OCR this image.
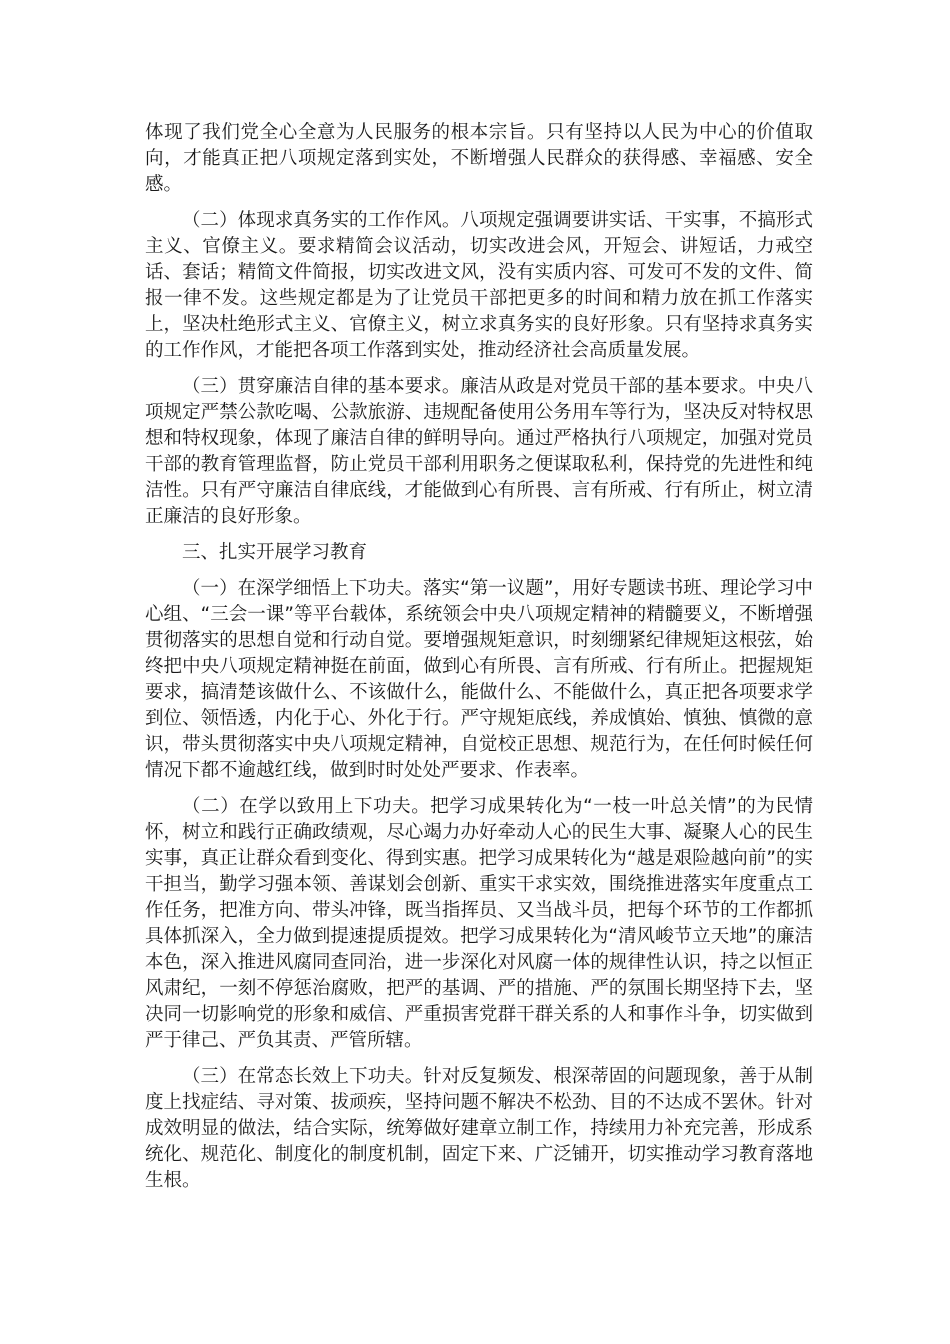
体现了我们党全心全意为人民服务的根本宗旨。只有坚持以人民为中心的价值取向，才能真正把八项规定落到实处，不断增强人民群众的获得感、幸福感、安全感。

（二）体现求真务实的工作作风。八项规定强调要讲实话、干实事，不搞形式主义、官僚主义。要求精简会议活动，切实改进会风，开短会、讲短话，力戒空话、套话；精简文件简报，切实改进文风，没有实质内容、可发可不发的文件、简报一律不发。这些规定都是为了让党员干部把更多的时间和精力放在抓工作落实上，坚决杜绝形式主义、官僚主义，树立求真务实的良好形象。只有坚持求真务实的工作作风，才能把各项工作落到实处，推动经济社会高质量发展。

（三）贯穿廉洁自律的基本要求。廉洁从政是对党员干部的基本要求。中央八项规定严禁公款吃喝、公款旅游、违规配备使用公务用车等行为，坚决反对特权思想和特权现象，体现了廉洁自律的鲜明导向。通过严格执行八项规定，加强对党员干部的教育管理监督，防止党员干部利用职务之便谋取私利，保持党的先进性和纯洁性。只有严守廉洁自律底线，才能做到心有所畏、言有所戒、行有所止，树立清正廉洁的良好形象。

三、扎实开展学习教育

（一）在深学细悟上下功夫。落实“第一议题”，用好专题读书班、理论学习中心组、“三会一课”等平台载体，系统领会中央八项规定精神的精髓要义，不断增强贯彻落实的思想自觉和行动自觉。要增强规矩意识，时刻绷紧纪律规矩这根弦，始终把中央八项规定精神挺在前面，做到心有所畏、言有所戒、行有所止。把握规矩要求，搞清楚该做什么、不该做什么，能做什么、不能做什么，真正把各项要求学到位、领悟透，内化于心、外化于行。严守规矩底线，养成慎始、慎独、慎微的意识，带头贯彻落实中央八项规定精神，自觉校正思想、规范行为，在任何时候任何情况下都不逾越红线，做到时时处处严要求、作表率。

（二）在学以致用上下功夫。把学习成果转化为“一枝一叶总关情”的为民情怀，树立和践行正确政绩观，尽心竭力办好牵动人心的民生大事、凝聚人心的民生实事，真正让群众看到变化、得到实惠。把学习成果转化为“越是艰险越向前”的实干担当，勤学习强本领、善谋划会创新、重实干求实效，围绕推进落实年度重点工作任务，把准方向、带头冲锋，既当指挥员、又当战斗员，把每个环节的工作都抓具体抓深入，全力做到提速提质提效。把学习成果转化为“清风峻节立天地”的廉洁本色，深入推进风腐同查同治，进一步深化对风腐一体的规律性认识，持之以恒正风肃纪，一刻不停惩治腐败，把严的基调、严的措施、严的氛围长期坚持下去，坚决同一切影响党的形象和威信、严重损害党群干群关系的人和事作斗争，切实做到严于律己、严负其责、严管所辖。

（三）在常态长效上下功夫。针对反复频发、根深蒂固的问题现象，善于从制度上找症结、寻对策、拔顽疾，坚持问题不解决不松劲、目的不达成不罢休。针对成效明显的做法，结合实际，统筹做好建章立制工作，持续用力补充完善，形成系统化、规范化、制度化的制度机制，固定下来、广泛铺开，切实推动学习教育落地生根。
